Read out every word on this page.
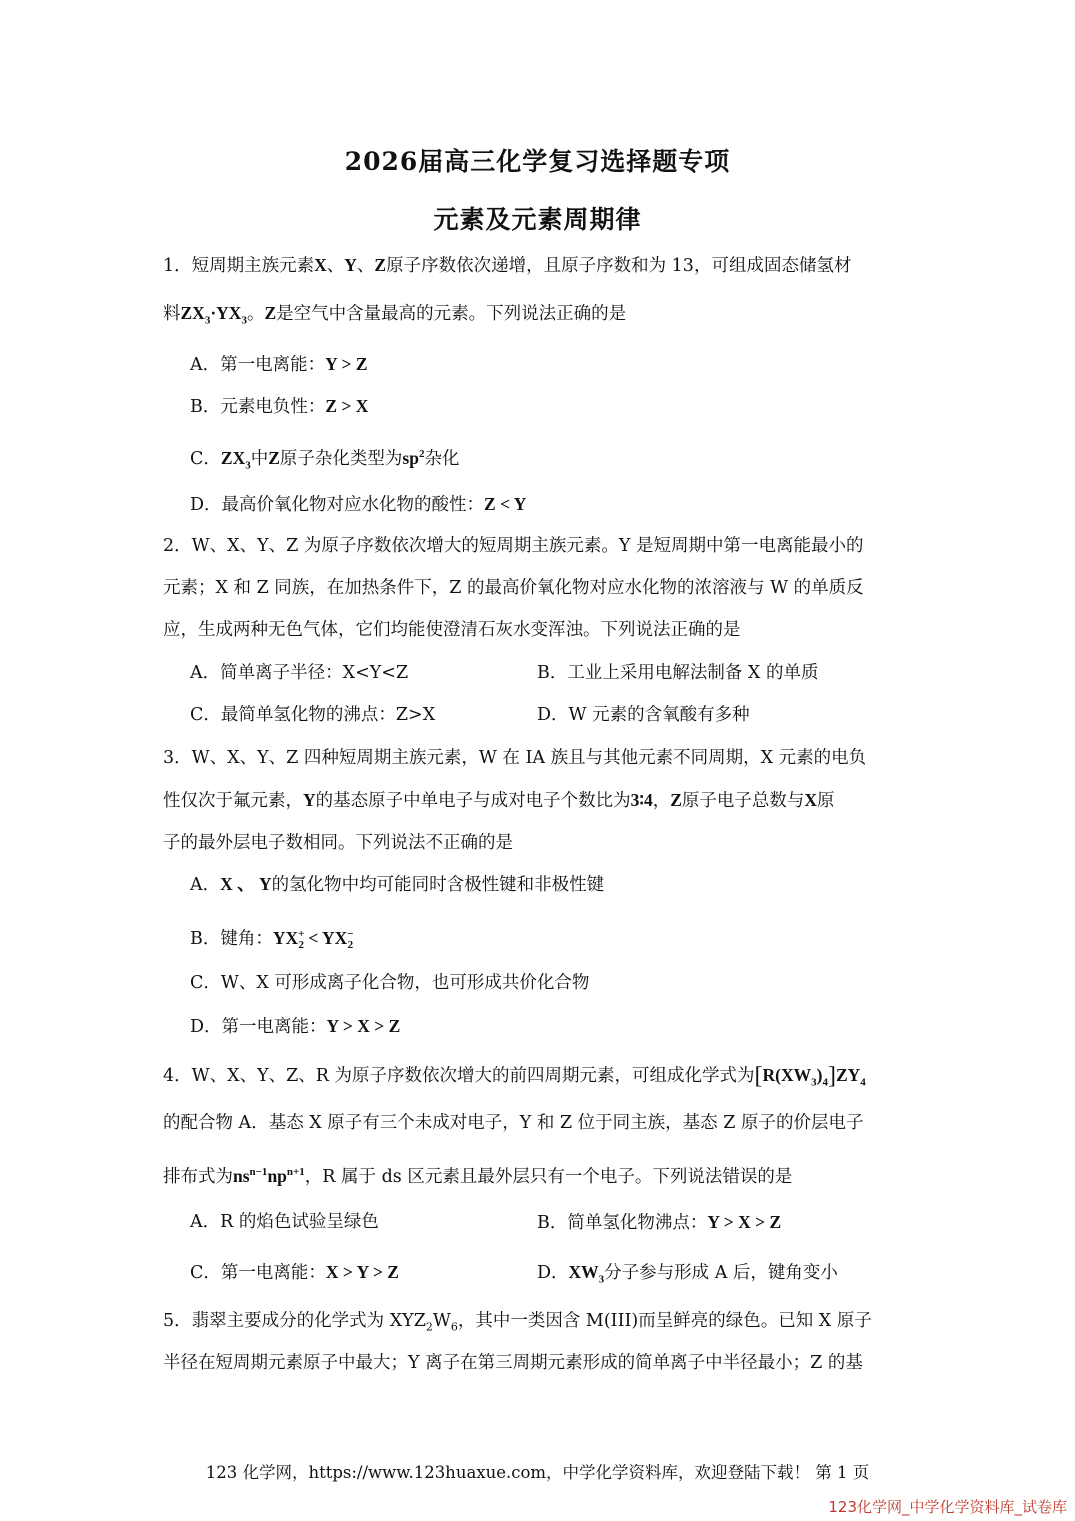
2026届高三化学复习选择题专项
元素及元素周期律
1．短周期主族元素X、Y、Z原子序数依次递增，且原子序数和为 13，可组成固态储氢材
料$ZX_3\cdot YX_3$。Z是空气中含量最高的元素。下列说法正确的是
A．第一电离能：Y > Z
B．元素电负性：Z > X
C．$ZX_3$中Z原子杂化类型为$sp^2$杂化
D．最高价氧化物对应水化物的酸性：Z < Y
2．W、X、Y、Z 为原子序数依次增大的短周期主族元素。Y 是短周期中第一电离能最小的
元素；X 和 Z 同族，在加热条件下，Z 的最高价氧化物对应水化物的浓溶液与 W 的单质反
应，生成两种无色气体，它们均能使澄清石灰水变浑浊。下列说法正确的是
A．简单离子半径：X<Y<Z	B．工业上采用电解法制备 X 的单质
C．最简单氢化物的沸点：Z>X	D．W 元素的含氧酸有多种
3．W、X、Y、Z 四种短周期主族元素，W 在 IA 族且与其他元素不同周期，X 元素的电负
性仅次于氟元素，Y的基态原子中单电子与成对电子个数比为3∶4，Z原子电子总数与X原
子的最外层电子数相同。下列说法不正确的是
A．X 、 Y的氢化物中均可能同时含极性键和非极性键
B．键角：$YX^+_2 < YX^-_2$
C．W、X 可形成离子化合物，也可形成共价化合物
D．第一电离能：Y > X > Z
4．W、X、Y、Z、R 为原子序数依次增大的前四周期元素，可组成化学式为$[R(XW_3)_4]ZY_4$
的配合物 A．基态 X 原子有三个未成对电子，Y 和 Z 位于同主族，基态 Z 原子的价层电子
排布式为$ns^{n-1}np^{n+1}$，R 属于 ds 区元素且最外层只有一个电子。下列说法错误的是
A．R 的焰色试验呈绿色	B．简单氢化物沸点：Y > X > Z
C．第一电离能：X > Y > Z	D．$XW_3$分子参与形成 A 后，键角变小
5．翡翠主要成分的化学式为 $XYZ_2W_6$，其中一类因含 M(III)而呈鲜亮的绿色。已知 X 原子
半径在短周期元素原子中最大；Y 离子在第三周期元素形成的简单离子中半径最小；Z 的基
123 化学网，https://www.123huaxue.com，中学化学资料库，欢迎登陆下载！ 第 1 页
123化学网_中学化学资料库_试卷库
